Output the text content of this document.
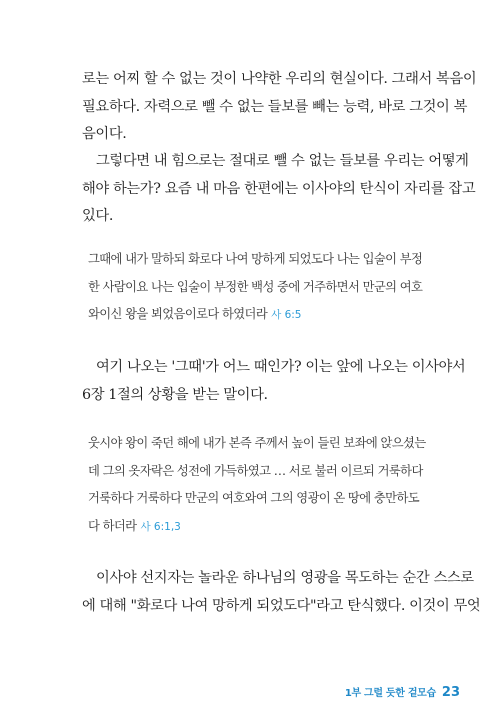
로는 어찌 할 수 없는 것이 나약한 우리의 현실이다. 그래서 복음이
필요하다. 자력으로 뺄 수 없는 들보를 빼는 능력, 바로 그것이 복
음이다.

그렇다면 내 힘으로는 절대로 뺄 수 없는 들보를 우리는 어떻게
해야 하는가? 요즘 내 마음 한편에는 이사야의 탄식이 자리를 잡고
있다.

그때에 내가 말하되 화로다 나여 망하게 되었도다 나는 입술이 부정
한 사람이요 나는 입술이 부정한 백성 중에 거주하면서 만군의 여호
와이신 왕을 뵈었음이로다 하였더라 사 6:5

여기 나오는 '그때'가 어느 때인가? 이는 앞에 나오는 이사야서
6장 1절의 상황을 받는 말이다.

웃시야 왕이 죽던 해에 내가 본즉 주께서 높이 들린 보좌에 앉으셨는
데 그의 옷자락은 성전에 가득하였고 … 서로 불러 이르되 거룩하다
거룩하다 거룩하다 만군의 여호와여 그의 영광이 온 땅에 충만하도
다 하더라 사 6:1,3

이사야 선지자는 놀라운 하나님의 영광을 목도하는 순간 스스로
에 대해 "화로다 나여 망하게 되었도다"라고 탄식했다. 이것이 무엇

1부 그럴 듯한 겉모습 23
